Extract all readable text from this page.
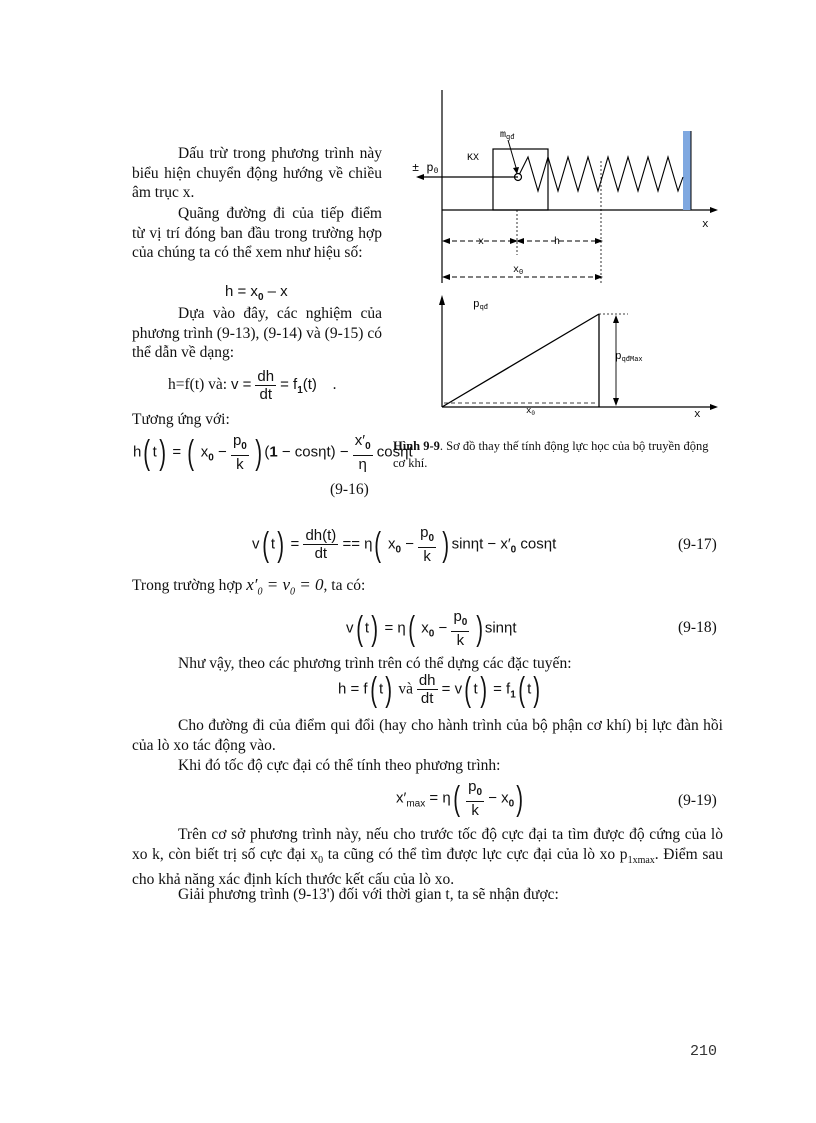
$m_{qđ}$
KX
± p0
x
x	h
$x_0$
pqđ
pqđMax
$x_0$	x
Hình 9-9. Sơ đồ thay thế tính động lực học của bộ truyền động cơ khí.
Dấu trừ trong phương trình này biểu hiện chuyển động hướng về chiều âm trục x.
Quãng đường đi của tiếp điểm từ vị trí đóng ban đầu trong trường hợp của chúng ta có thể xem như hiệu số:
$h = x_0 - x$
Dựa vào đây, các nghiệm của phương trình (9-13), (9-14) và (9-15) có thể dẫn về dạng:
h=f(t) và: $v = \frac{dh}{dt} = f_1(t)$    .
Tương ứng với:
h( t) = ( $x_0 - \frac{p_0}{k}$ ) $(1 - \cos\eta t) - \frac{x'_0}{\eta}$ cosηt
(9-16)
v( $t) = \frac{dh(t)}{dt} == \eta$( $x_0 - \frac{p_0}{k}$ ) $\sin\eta t - x'_0$ cosηt	(9-17)
Trong trường hợp $x'_0 = v_0 = 0$, ta có:
v( t) = η( $x_0 - \frac{p_0}{k}$ ) sinηt	(9-18)
Như vậy, theo các phương trình trên có thể dựng các đặc tuyến:
h = f( t) và $\frac{dh}{dt} = v$( $t) = f_1$( t)
Cho đường đi của điểm qui đổi (hay cho hành trình của bộ phận cơ khí) bị lực đàn hồi của lò xo tác động vào.
Khi đó tốc độ cực đại có thể tính theo phương trình:
$x'_{max} = \eta( \frac{p_0}{k} - x_0)$	(9-19)
Trên cơ sở phương trình này, nếu cho trước tốc độ cực đại ta tìm được độ cứng của lò xo k, còn biết trị số cực đại $x_0$ ta cũng có thể tìm được lực cực đại của lò xo $p_{1xmax}$. Điểm sau cho khả năng xác định kích thước kết cấu của lò xo.
Giải phương trình (9-13') đối với thời gian t, ta sẽ nhận được:
210
